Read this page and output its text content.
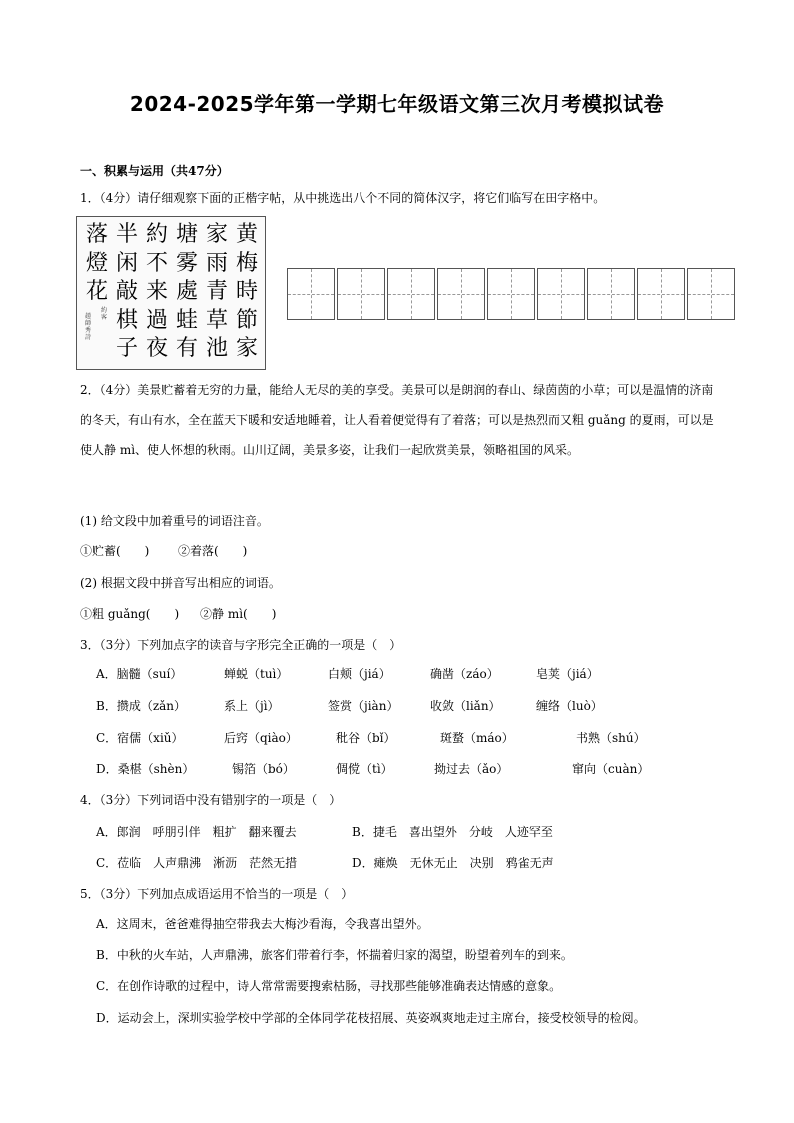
2024-2025学年第一学期七年级语文第三次月考模拟试卷
一、积累与运用（共47分）
1．（4分）请仔细观察下面的正楷字帖，从中挑选出八个不同的简体汉字，将它们临写在田字格中。
黄
梅
時
節
家
家
雨
青
草
池
塘
雾
處
蛙
有
約
不
来
過
夜
半
闲
敲
棋
子
落
燈
花
趙師秀詩
約客
2．（4分）美景贮蓄着无穷的力量，能给人无尽的美的享受。美景可以是朗润的春山、绿茵茵的小草；可以是温情的济南的冬天，有山有水，全在蓝天下暖和安适地睡着，让人看着便觉得有了着落；可以是热烈而又粗 guǎng 的夏雨，可以是使人静 mì、使人怀想的秋雨。山川辽阔，美景多姿，让我们一起欣赏美景，领略祖国的风采。
(1) 给文段中加着重号的词语注音。
①贮蓄(　　) ②着落(　　)
(2) 根据文段中拼音写出相应的词语。
①粗 guǎng(　　) ②静 mì(　　)
3．（3分）下列加点字的读音与字形完全正确的一项是（　）
A．脑髓（suí）	蝉蜕（tuì）	白颊（jiá）	确凿（záo）	皂荚（jiá）
B．攒成（zǎn）	系上（jì）	签赏（jiàn）	收敛（liǎn）	缠络（luò）
C．宿儒（xiǔ）	后窍（qiào）	秕谷（bǐ）	斑蝥（máo）	书熟（shú）
D．桑椹（shèn）	锡箔（bó）	倜傥（tì）	拗过去（ǎo）	窜向（cuàn）
4．（3分）下列词语中没有错别字的一项是（　）
A．郎润　呼朋引伴　粗扩　翻来覆去	B．捷毛　喜出望外　分岐　人迹罕至
C．莅临　人声鼎沸　淅沥　茫然无措	D．瘫焕　无休无止　决别　鸦雀无声
5．（3分）下列加点成语运用不恰当的一项是（　）
A．这周末，爸爸难得抽空带我去大梅沙看海，令我喜出望外。
B．中秋的火车站，人声鼎沸，旅客们带着行李，怀揣着归家的渴望，盼望着列车的到来。
C．在创作诗歌的过程中，诗人常常需要搜索枯肠，寻找那些能够准确表达情感的意象。
D．运动会上，深圳实验学校中学部的全体同学花枝招展、英姿飒爽地走过主席台，接受校领导的检阅。
